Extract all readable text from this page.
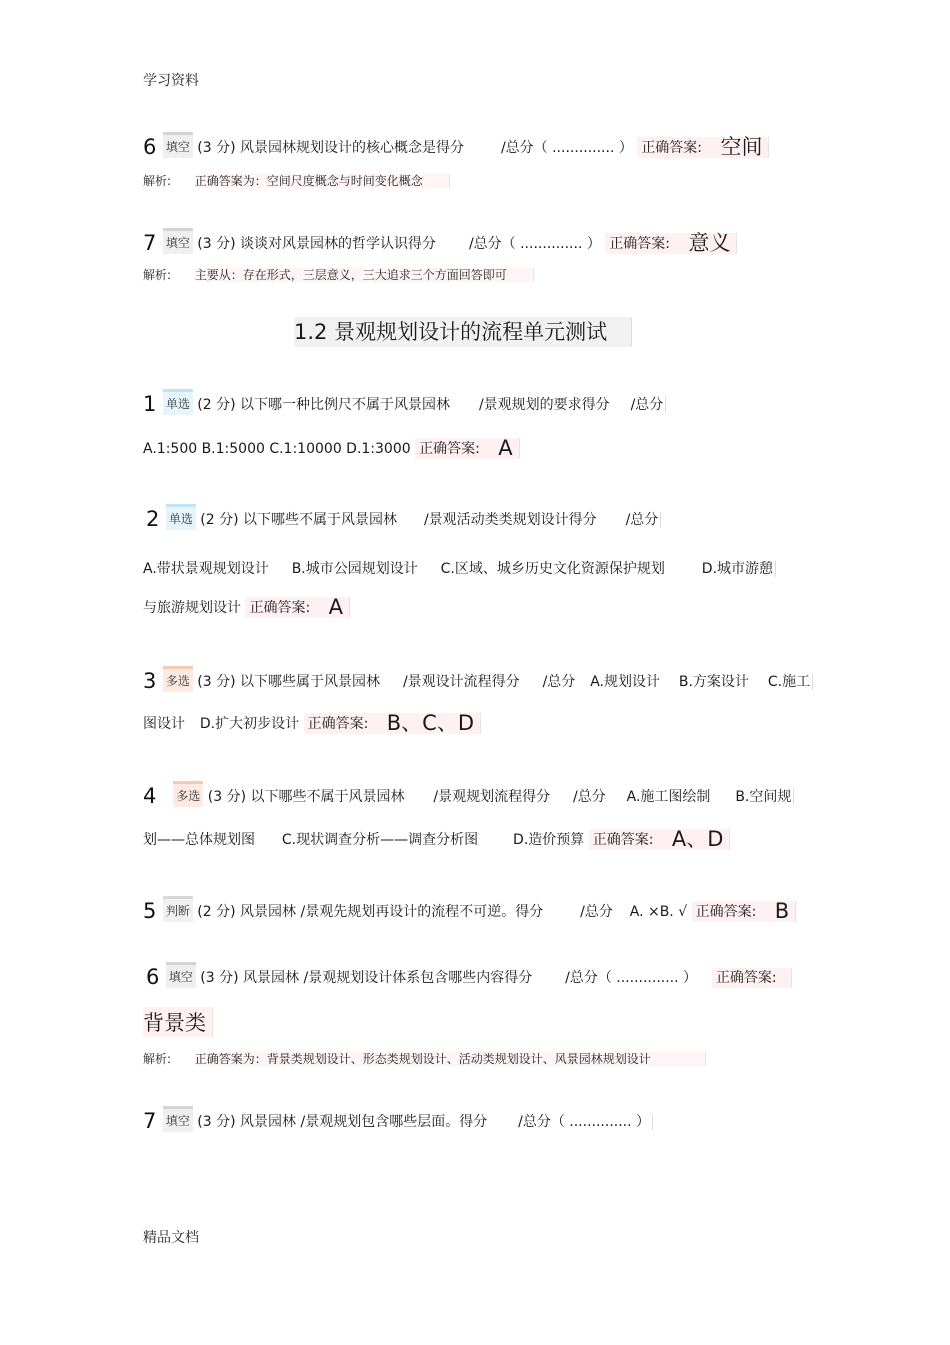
学习资料
6 填空 (3 分) 风景园林规划设计的核心概念是得分	/总分（ .............. ） 正确答案: 空间
解析: 正确答案为：空间尺度概念与时间变化概念
7 填空 (3 分) 谈谈对风景园林的哲学认识得分 /总分（ .............. ） 正确答案: 意义
解析: 主要从：存在形式，三层意义，三大追求三个方面回答即可
1.2 景观规划设计的流程单元测试
1 单选 (2 分) 以下哪一种比例尺不属于风景园林 /景观规划的要求得分 /总分
A.1:500 B.1:5000 C.1:10000 D.1:3000 正确答案: A
2 单选 (2 分) 以下哪些不属于风景园林 /景观活动类类规划设计得分 /总分
A.带状景观规划设计 B.城市公园规划设计 C.区域、城乡历史文化资源保护规划	D.城市游憩
与旅游规划设计 正确答案: A
3 多选 (3 分) 以下哪些属于风景园林 /景观设计流程得分 /总分 A.规划设计 B.方案设计 C.施工
图设计 D.扩大初步设计 正确答案: B、C、D
4 多选 (3 分) 以下哪些不属于风景园林 /景观规划流程得分 /总分 A.施工图绘制 B.空间规
划——总体规划图 C.现状调查分析——调查分析图 D.造价预算 正确答案: A、D
5 判断 (2 分) 风景园林 /景观先规划再设计的流程不可逆。得分	/总分 A. ×B. √ 正确答案: B
6 填空 (3 分) 风景园林 /景观规划设计体系包含哪些内容得分 /总分（ .............. ） 正确答案:
背景类
解析: 正确答案为：背景类规划设计、形态类规划设计、活动类规划设计、风景园林规划设计
7 填空 (3 分) 风景园林 /景观规划包含哪些层面。得分 /总分（ .............. ）
精品文档
